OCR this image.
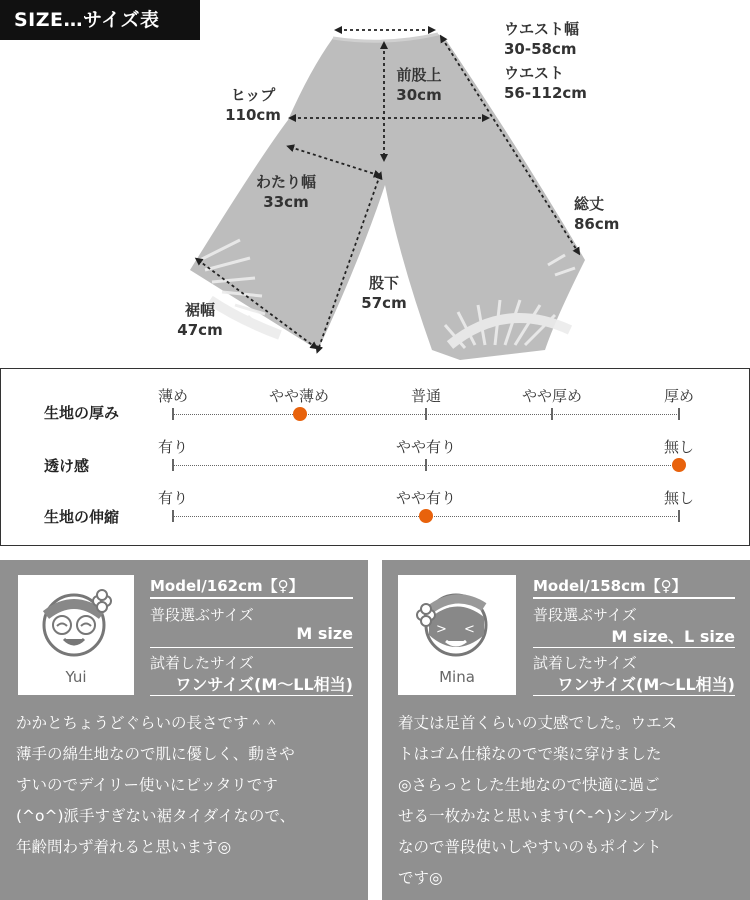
SIZE…サイズ表	ウエスト幅
30-58cm
ウエスト
56-112cm
前股上
30cm
ヒップ
110cm
わたり幅
33cm	総丈
86cm
股下
57cm
裾幅
47cm
生地の厚み
薄め	やや薄め	普通	やや厚め	厚め
透け感
有り	やや有り	無し
生地の伸縮
有り	やや有り	無し
Yui
Model/162cm【♀】
普段選ぶサイズ
M size
試着したサイズ
ワンサイズ(M〜LL相当)
かかとちょうどぐらいの長さです＾＾
薄手の綿生地なので肌に優しく、動きや
すいのでデイリー使いにピッタリです
(^o^)派手すぎない裾タイダイなので、
年齢問わず着れると思います◎
> <
Mina
Model/158cm【♀】
普段選ぶサイズ
M size、L size
試着したサイズ
ワンサイズ(M〜LL相当)
着丈は足首くらいの丈感でした。ウエス
トはゴム仕様なのでで楽に穿けました
◎さらっとした生地なので快適に過ご
せる一枚かなと思います(^-^)シンプル
なので普段使いしやすいのもポイント
です◎
